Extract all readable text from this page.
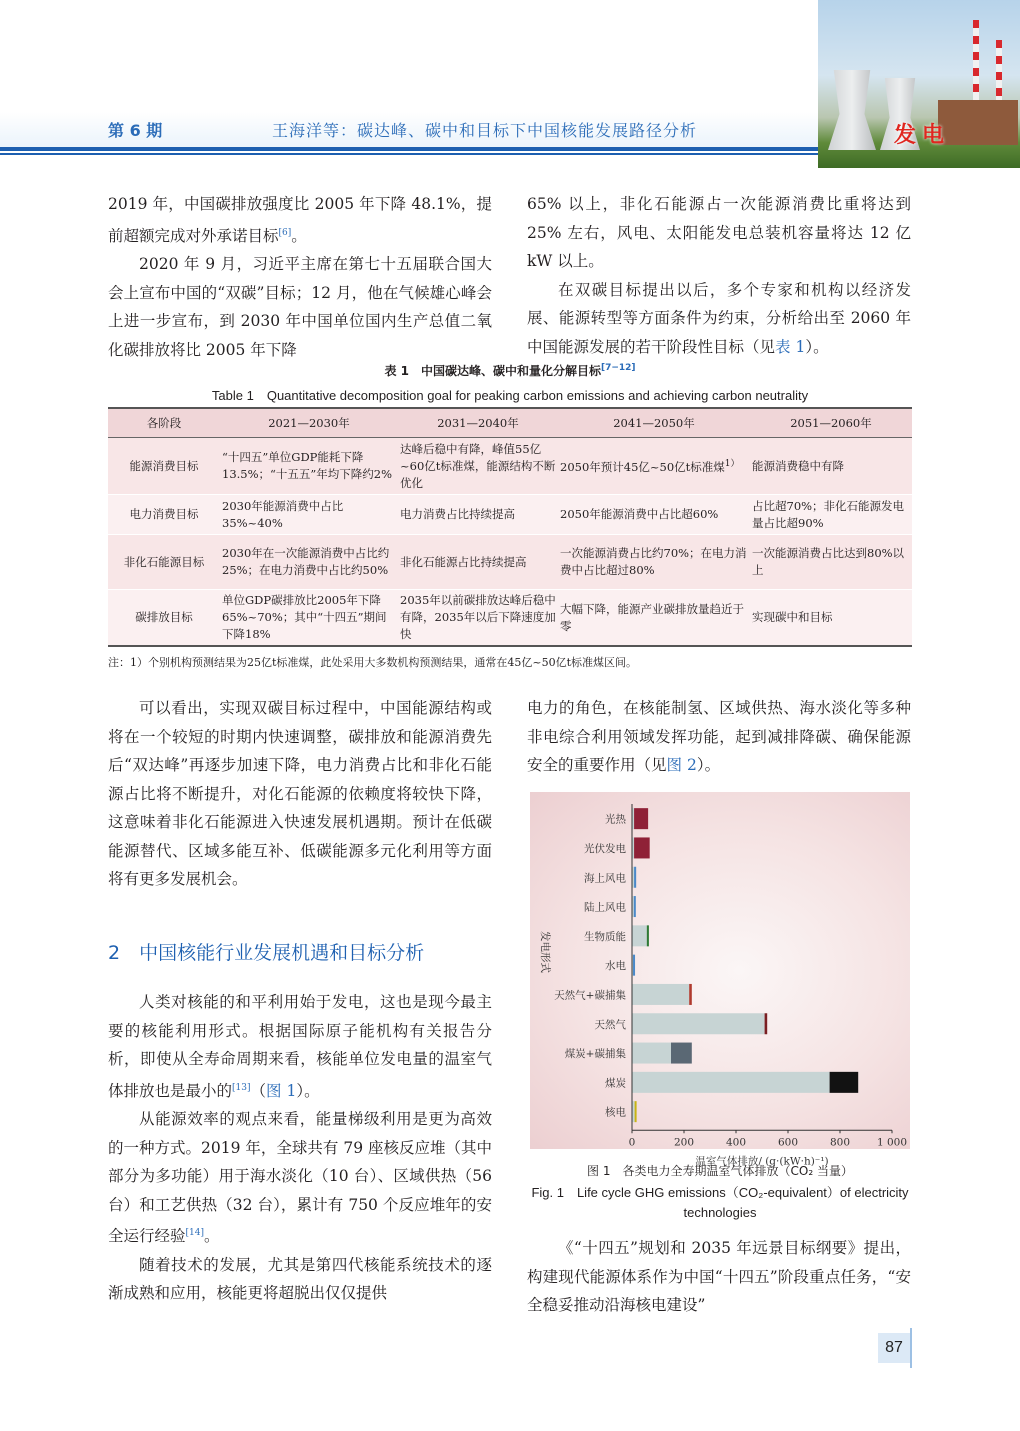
第 6 期	王海洋等：碳达峰、碳中和目标下中国核能发展路径分析	发电

2019 年，中国碳排放强度比 2005 年下降 48.1%，提前超额完成对外承诺目标[6]。

2020 年 9 月，习近平主席在第七十五届联合国大会上宣布中国的“双碳”目标；12 月，他在气候雄心峰会上进一步宣布，到 2030 年中国单位国内生产总值二氧化碳排放将比 2005 年下降

65% 以上，非化石能源占一次能源消费比重将达到 25% 左右，风电、太阳能发电总装机容量将达 12 亿 kW 以上。

在双碳目标提出以后，多个专家和机构以经济发展、能源转型等方面条件为约束，分析给出至 2060 年中国能源发展的若干阶段性目标（见表 1）。

表 1　中国碳达峰、碳中和量化分解目标[7−12]
Table 1　Quantitative decomposition goal for peaking carbon emissions and achieving carbon neutrality
各阶段	2021—2030年	2031—2040年	2041—2050年	2051—2060年
能源消费目标	“十四五”单位GDP能耗下降13.5%；“十五五”年均下降约2%	达峰后稳中有降，峰值55亿~60亿t标准煤，能源结构不断优化	2050年预计45亿~50亿t标准煤$^{1)}$	能源消费稳中有降
电力消费目标	2030年能源消费中占比35%~40%	电力消费占比持续提高	2050年能源消费中占比超60%	占比超70%；非化石能源发电量占比超90%
非化石能源目标	2030年在一次能源消费中占比约25%；在电力消费中占比约50%	非化石能源占比持续提高	一次能源消费占比约70%；在电力消费中占比超过80%	一次能源消费占比达到80%以上
碳排放目标	单位GDP碳排放比2005年下降65%~70%；其中“十四五”期间下降18%	2035年以前碳排放达峰后稳中有降，2035年以后下降速度加快	大幅下降，能源产业碳排放量趋近于零	实现碳中和目标
注：1）个别机构预测结果为25亿t标准煤，此处采用大多数机构预测结果，通常在45亿~50亿t标准煤区间。

可以看出，实现双碳目标过程中，中国能源结构或将在一个较短的时期内快速调整，碳排放和能源消费先后“双达峰”再逐步加速下降，电力消费占比和非化石能源占比将不断提升，对化石能源的依赖度将较快下降，这意味着非化石能源进入快速发展机遇期。预计在低碳能源替代、区域多能互补、低碳能源多元化利用等方面将有更多发展机会。

2　中国核能行业发展机遇和目标分析

人类对核能的和平利用始于发电，这也是现今最主要的核能利用形式。根据国际原子能机构有关报告分析，即使从全寿命周期来看，核能单位发电量的温室气体排放也是最小的[13]（图 1）。

从能源效率的观点来看，能量梯级利用是更为高效的一种方式。2019 年，全球共有 79 座核反应堆（其中部分为多功能）用于海水淡化（10 台）、区域供热（56 台）和工艺供热（32 台），累计有 750 个反应堆年的安全运行经验[14]。

随着技术的发展，尤其是第四代核能系统技术的逐渐成熟和应用，核能更将超脱出仅仅提供

电力的角色，在核能制氢、区域供热、海水淡化等多种非电综合利用领域发挥功能，起到减排降碳、确保能源安全的重要作用（见图 2）。

光热
光伏发电
海上风电
陆上风电
生物质能
水电
天然气+碳捕集
天然气
煤炭+碳捕集
煤炭
核电
0	200	400	600	800	1 000
温室气体排放/ (g·(kW·h)⁻¹)
发电形式
图 1　各类电力全寿期温室气体排放（CO₂ 当量）
Fig. 1　Life cycle GHG emissions（CO₂-equivalent）of electricity technologies

《“十四五”规划和 2035 年远景目标纲要》提出，构建现代能源体系作为中国“十四五”阶段重点任务，“安全稳妥推动沿海核电建设”

87
